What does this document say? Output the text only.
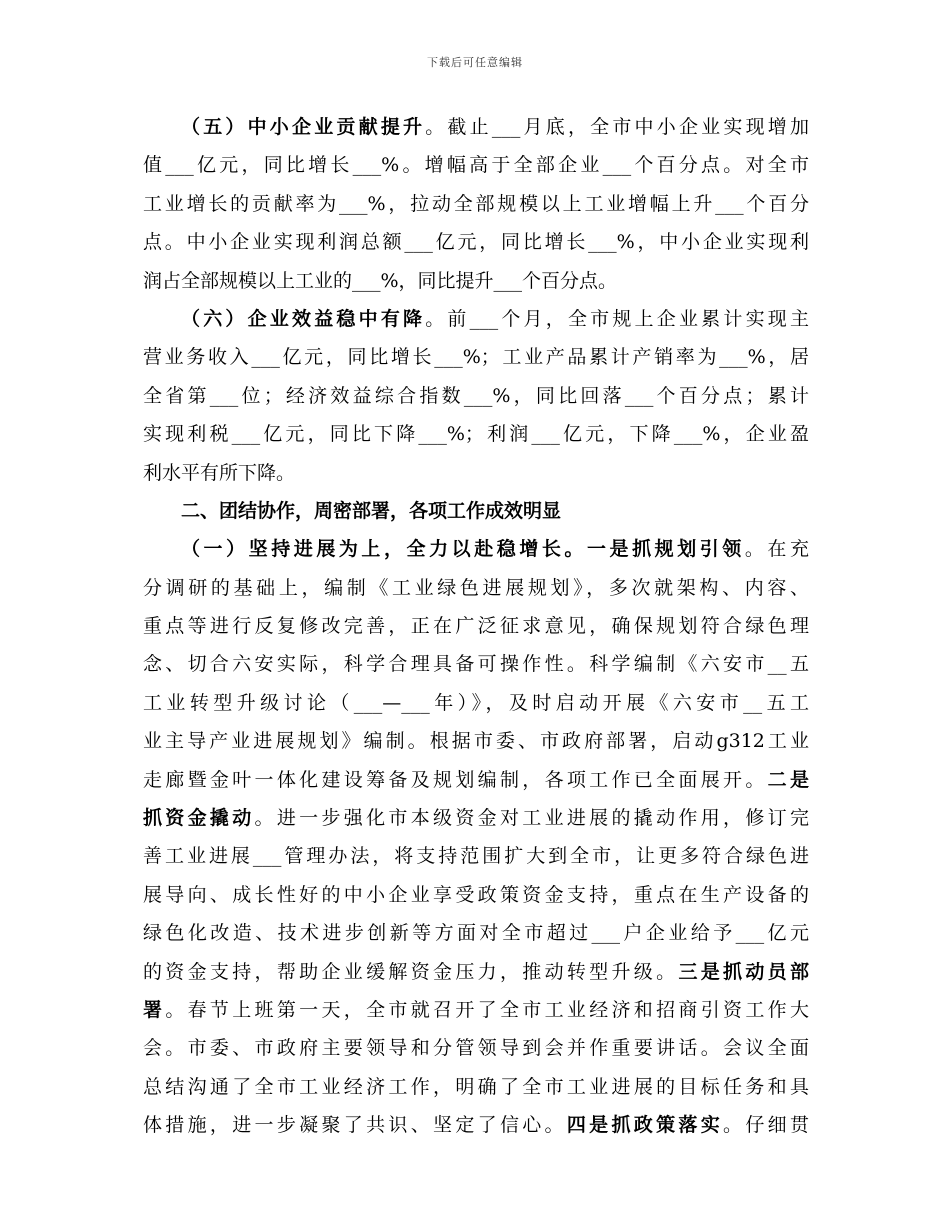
下载后可任意编辑
（五）中小企业贡献提升。截止___月底，全市中小企业实现增加
值___亿元，同比增长___%。增幅高于全部企业___个百分点。对全市
工业增长的贡献率为___%，拉动全部规模以上工业增幅上升___个百分
点。中小企业实现利润总额___亿元，同比增长___%，中小企业实现利
润占全部规模以上工业的___%，同比提升___个百分点。
（六）企业效益稳中有降。前___个月，全市规上企业累计实现主
营业务收入___亿元，同比增长___%；工业产品累计产销率为___%，居
全省第___位；经济效益综合指数___%，同比回落___个百分点；累计
实现利税___亿元，同比下降___%；利润___亿元，下降___%，企业盈
利水平有所下降。
二、团结协作，周密部署，各项工作成效明显
（一）坚持进展为上，全力以赴稳增长。一是抓规划引领。在充
分调研的基础上，编制《工业绿色进展规划》，多次就架构、内容、
重点等进行反复修改完善，正在广泛征求意见，确保规划符合绿色理
念、切合六安实际，科学合理具备可操作性。科学编制《六安市__五
工业转型升级讨论（___—___年）》，及时启动开展《六安市__五工
业主导产业进展规划》编制。根据市委、市政府部署，启动g312工业
走廊暨金叶一体化建设筹备及规划编制，各项工作已全面展开。二是
抓资金撬动。进一步强化市本级资金对工业进展的撬动作用，修订完
善工业进展___管理办法，将支持范围扩大到全市，让更多符合绿色进
展导向、成长性好的中小企业享受政策资金支持，重点在生产设备的
绿色化改造、技术进步创新等方面对全市超过___户企业给予___亿元
的资金支持，帮助企业缓解资金压力，推动转型升级。三是抓动员部
署。春节上班第一天，全市就召开了全市工业经济和招商引资工作大
会。市委、市政府主要领导和分管领导到会并作重要讲话。会议全面
总结沟通了全市工业经济工作，明确了全市工业进展的目标任务和具
体措施，进一步凝聚了共识、坚定了信心。四是抓政策落实。仔细贯
